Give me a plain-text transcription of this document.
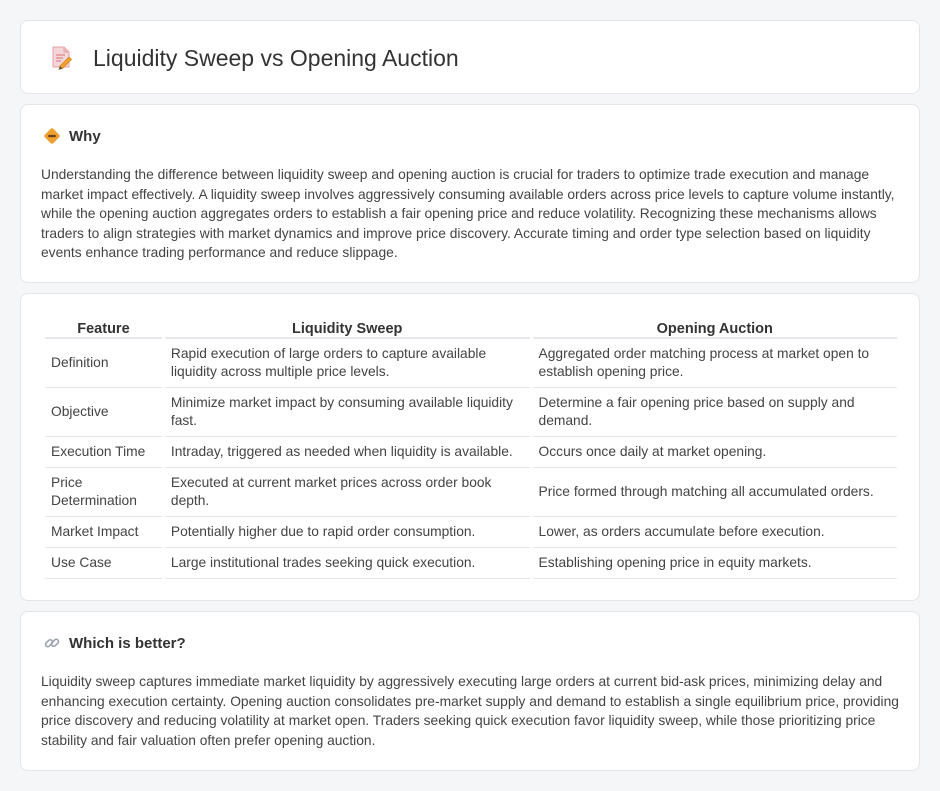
Liquidity Sweep vs Opening Auction
Why

Understanding the difference between liquidity sweep and opening auction is crucial for traders to optimize trade execution and manage market impact effectively. A liquidity sweep involves aggressively consuming available orders across price levels to capture volume instantly, while the opening auction aggregates orders to establish a fair opening price and reduce volatility. Recognizing these mechanisms allows traders to align strategies with market dynamics and improve price discovery. Accurate timing and order type selection based on liquidity events enhance trading performance and reduce slippage.

Feature	Liquidity Sweep	Opening Auction
Definition	Rapid execution of large orders to capture available liquidity across multiple price levels.	Aggregated order matching process at market open to establish opening price.
Objective	Minimize market impact by consuming available liquidity fast.	Determine a fair opening price based on supply and demand.
Execution Time	Intraday, triggered as needed when liquidity is available.	Occurs once daily at market opening.
Price Determination	Executed at current market prices across order book depth.	Price formed through matching all accumulated orders.
Market Impact	Potentially higher due to rapid order consumption.	Lower, as orders accumulate before execution.
Use Case	Large institutional trades seeking quick execution.	Establishing opening price in equity markets.
Which is better?

Liquidity sweep captures immediate market liquidity by aggressively executing large orders at current bid-ask prices, minimizing delay and enhancing execution certainty. Opening auction consolidates pre-market supply and demand to establish a single equilibrium price, providing price discovery and reducing volatility at market open. Traders seeking quick execution favor liquidity sweep, while those prioritizing price stability and fair valuation often prefer opening auction.
